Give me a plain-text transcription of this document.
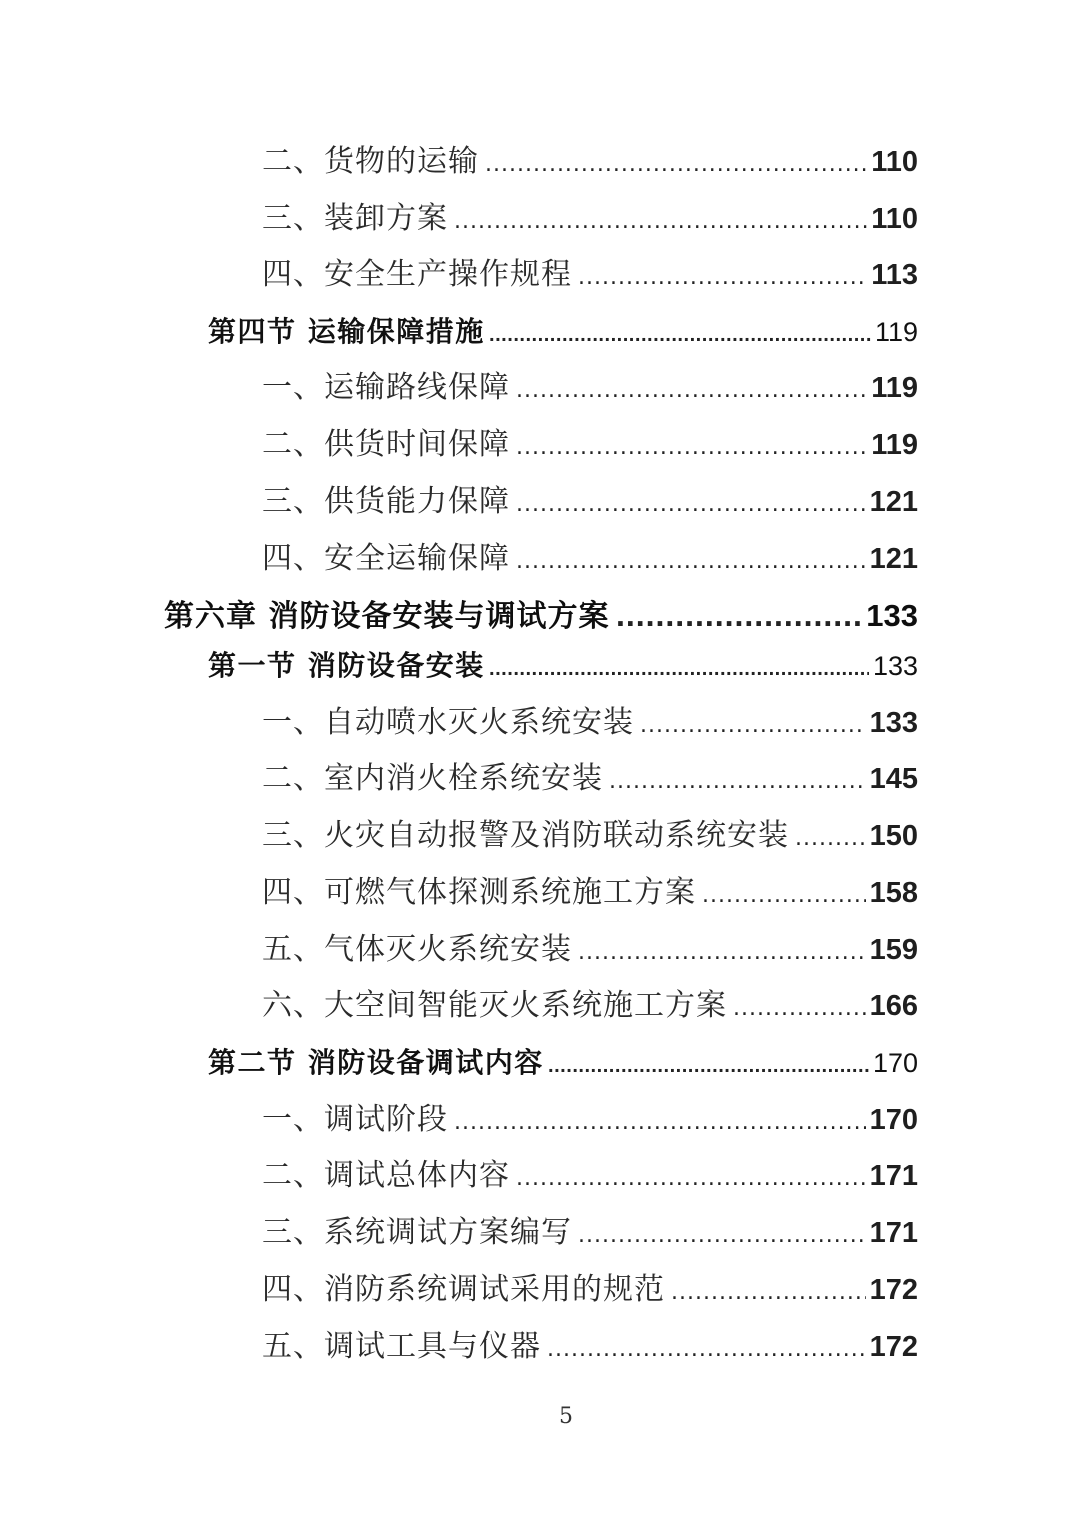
二、货物的运输 .....	110
三、装卸方案 .....	110
四、安全生产操作规程 .....	113
第四节 运输保障措施 .....	119
一、运输路线保障 .....	119
二、供货时间保障 .....	119
三、供货能力保障 .....	121
四、安全运输保障 .....	121
第六章 消防设备安装与调试方案 .....	133
第一节 消防设备安装 .....	133
一、自动喷水灭火系统安装 .....	133
二、室内消火栓系统安装 .....	145
三、火灾自动报警及消防联动系统安装 .....	150
四、可燃气体探测系统施工方案 .....	158
五、气体灭火系统安装 .....	159
六、大空间智能灭火系统施工方案 .....	166
第二节 消防设备调试内容 .....	170
一、调试阶段 .....	170
二、调试总体内容 .....	171
三、系统调试方案编写 .....	171
四、消防系统调试采用的规范 .....	172
五、调试工具与仪器 .....	172
5
